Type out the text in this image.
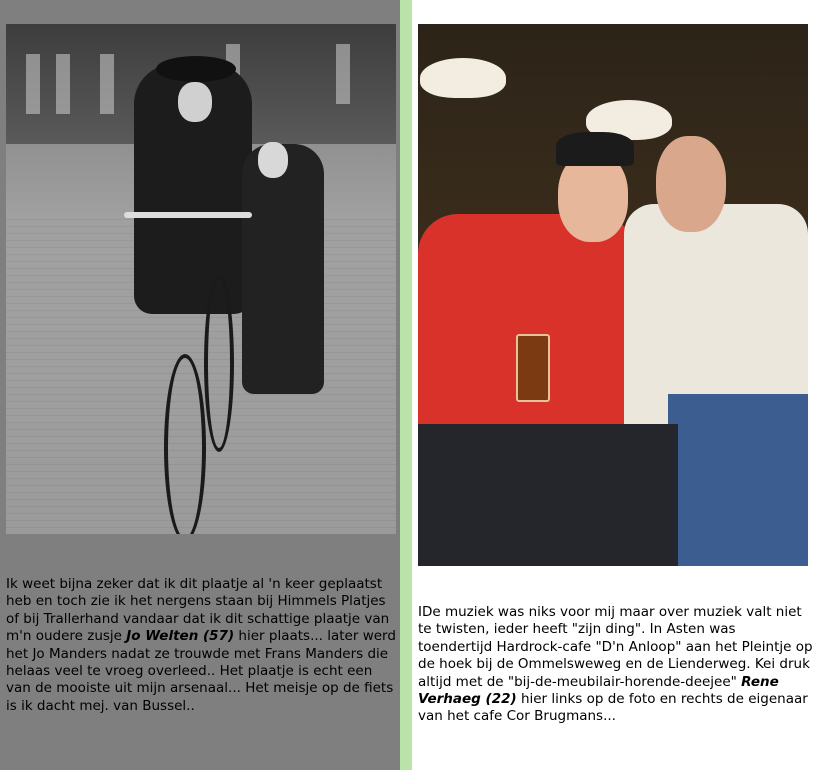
Ik weet bijna zeker dat ik dit plaatje al 'n keer geplaatst heb en toch zie ik het nergens staan bij Himmels Platjes of bij Trallerhand vandaar dat ik dit schattige plaatje van m'n oudere zusje Jo Welten (57) hier plaats... later werd het Jo Manders nadat ze trouwde met Frans Manders die helaas veel te vroeg overleed.. Het plaatje is echt een van de mooiste uit mijn arsenaal... Het meisje op de fiets is ik dacht mej. van Bussel..
IDe muziek was niks voor mij maar over muziek valt niet te twisten, ieder heeft "zijn ding". In Asten was toendertijd Hardrock-cafe "D'n Anloop" aan het Pleintje op de hoek bij de Ommelsweweg en de Lienderweg. Kei druk altijd met de "bij-de-meubilair-horende-deejee" Rene Verhaeg (22) hier links op de foto en rechts de eigenaar van het cafe Cor Brugmans...
